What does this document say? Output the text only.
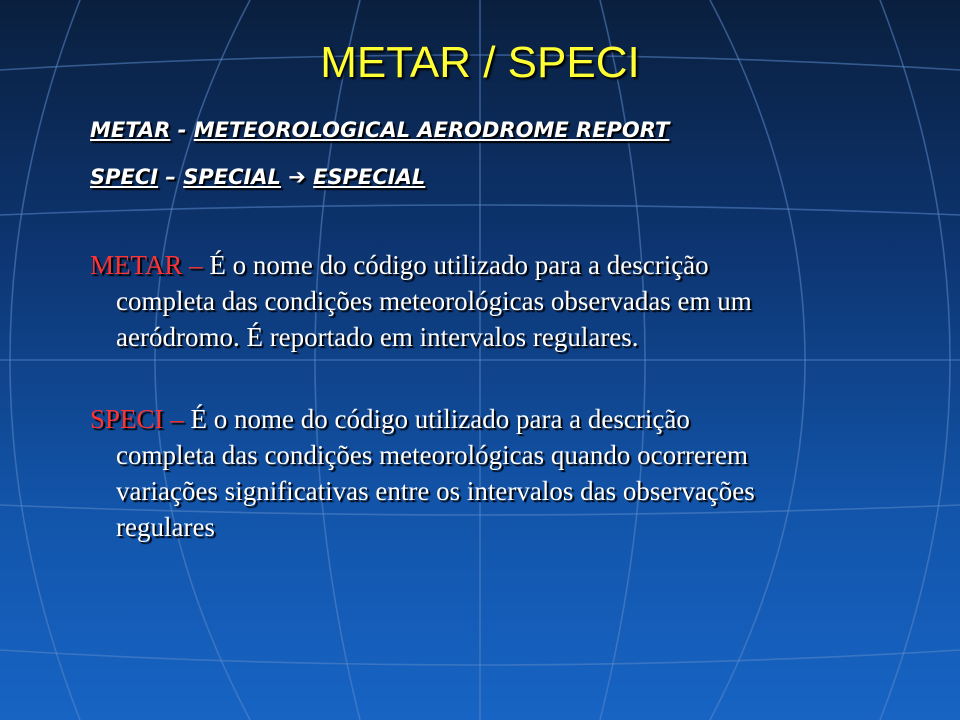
METAR / SPECI
METAR - METEOROLOGICAL AERODROME REPORT
SPECI – SPECIAL ➔ ESPECIAL
METAR – É o nome do código utilizado para a descrição
completa das condições meteorológicas observadas em um
aeródromo. É reportado em intervalos regulares.
SPECI – É o nome do código utilizado para a descrição
completa das condições meteorológicas quando ocorrerem
variações significativas entre os intervalos das observações
regulares
